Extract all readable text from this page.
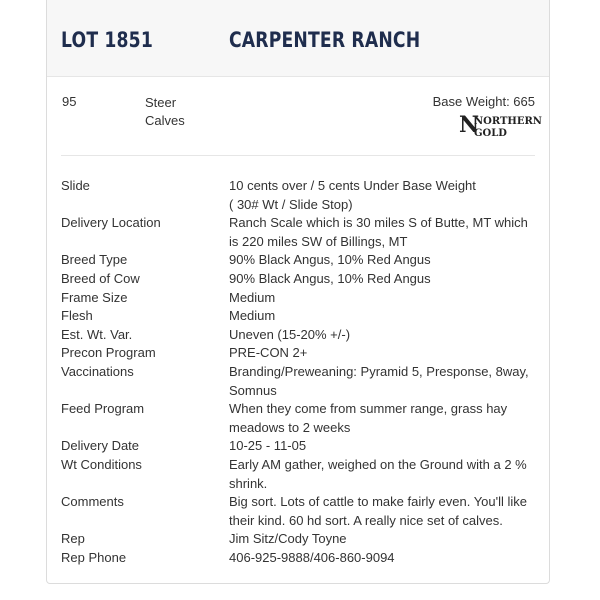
LOT 1851	CARPENTER RANCH
95	Steer
Calves
Base Weight: 665
N
NORTHERN
GOLD
Slide	10 cents over / 5 cents Under Base Weight
( 30# Wt / Slide Stop)
Delivery Location	Ranch Scale which is 30 miles S of Butte, MT which
is 220 miles SW of Billings, MT
Breed Type	90% Black Angus, 10% Red Angus
Breed of Cow	90% Black Angus, 10% Red Angus
Frame Size	Medium
Flesh	Medium
Est. Wt. Var.	Uneven (15-20% +/-)
Precon Program	PRE-CON 2+
Vaccinations	Branding/Preweaning: Pyramid 5, Presponse, 8way,
Somnus
Feed Program	When they come from summer range, grass hay
meadows to 2 weeks
Delivery Date	10-25 - 11-05
Wt Conditions	Early AM gather, weighed on the Ground with a 2 %
shrink.
Comments	Big sort. Lots of cattle to make fairly even. You'll like
their kind. 60 hd sort. A really nice set of calves.
Rep	Jim Sitz/Cody Toyne
Rep Phone	406-925-9888/406-860-9094
